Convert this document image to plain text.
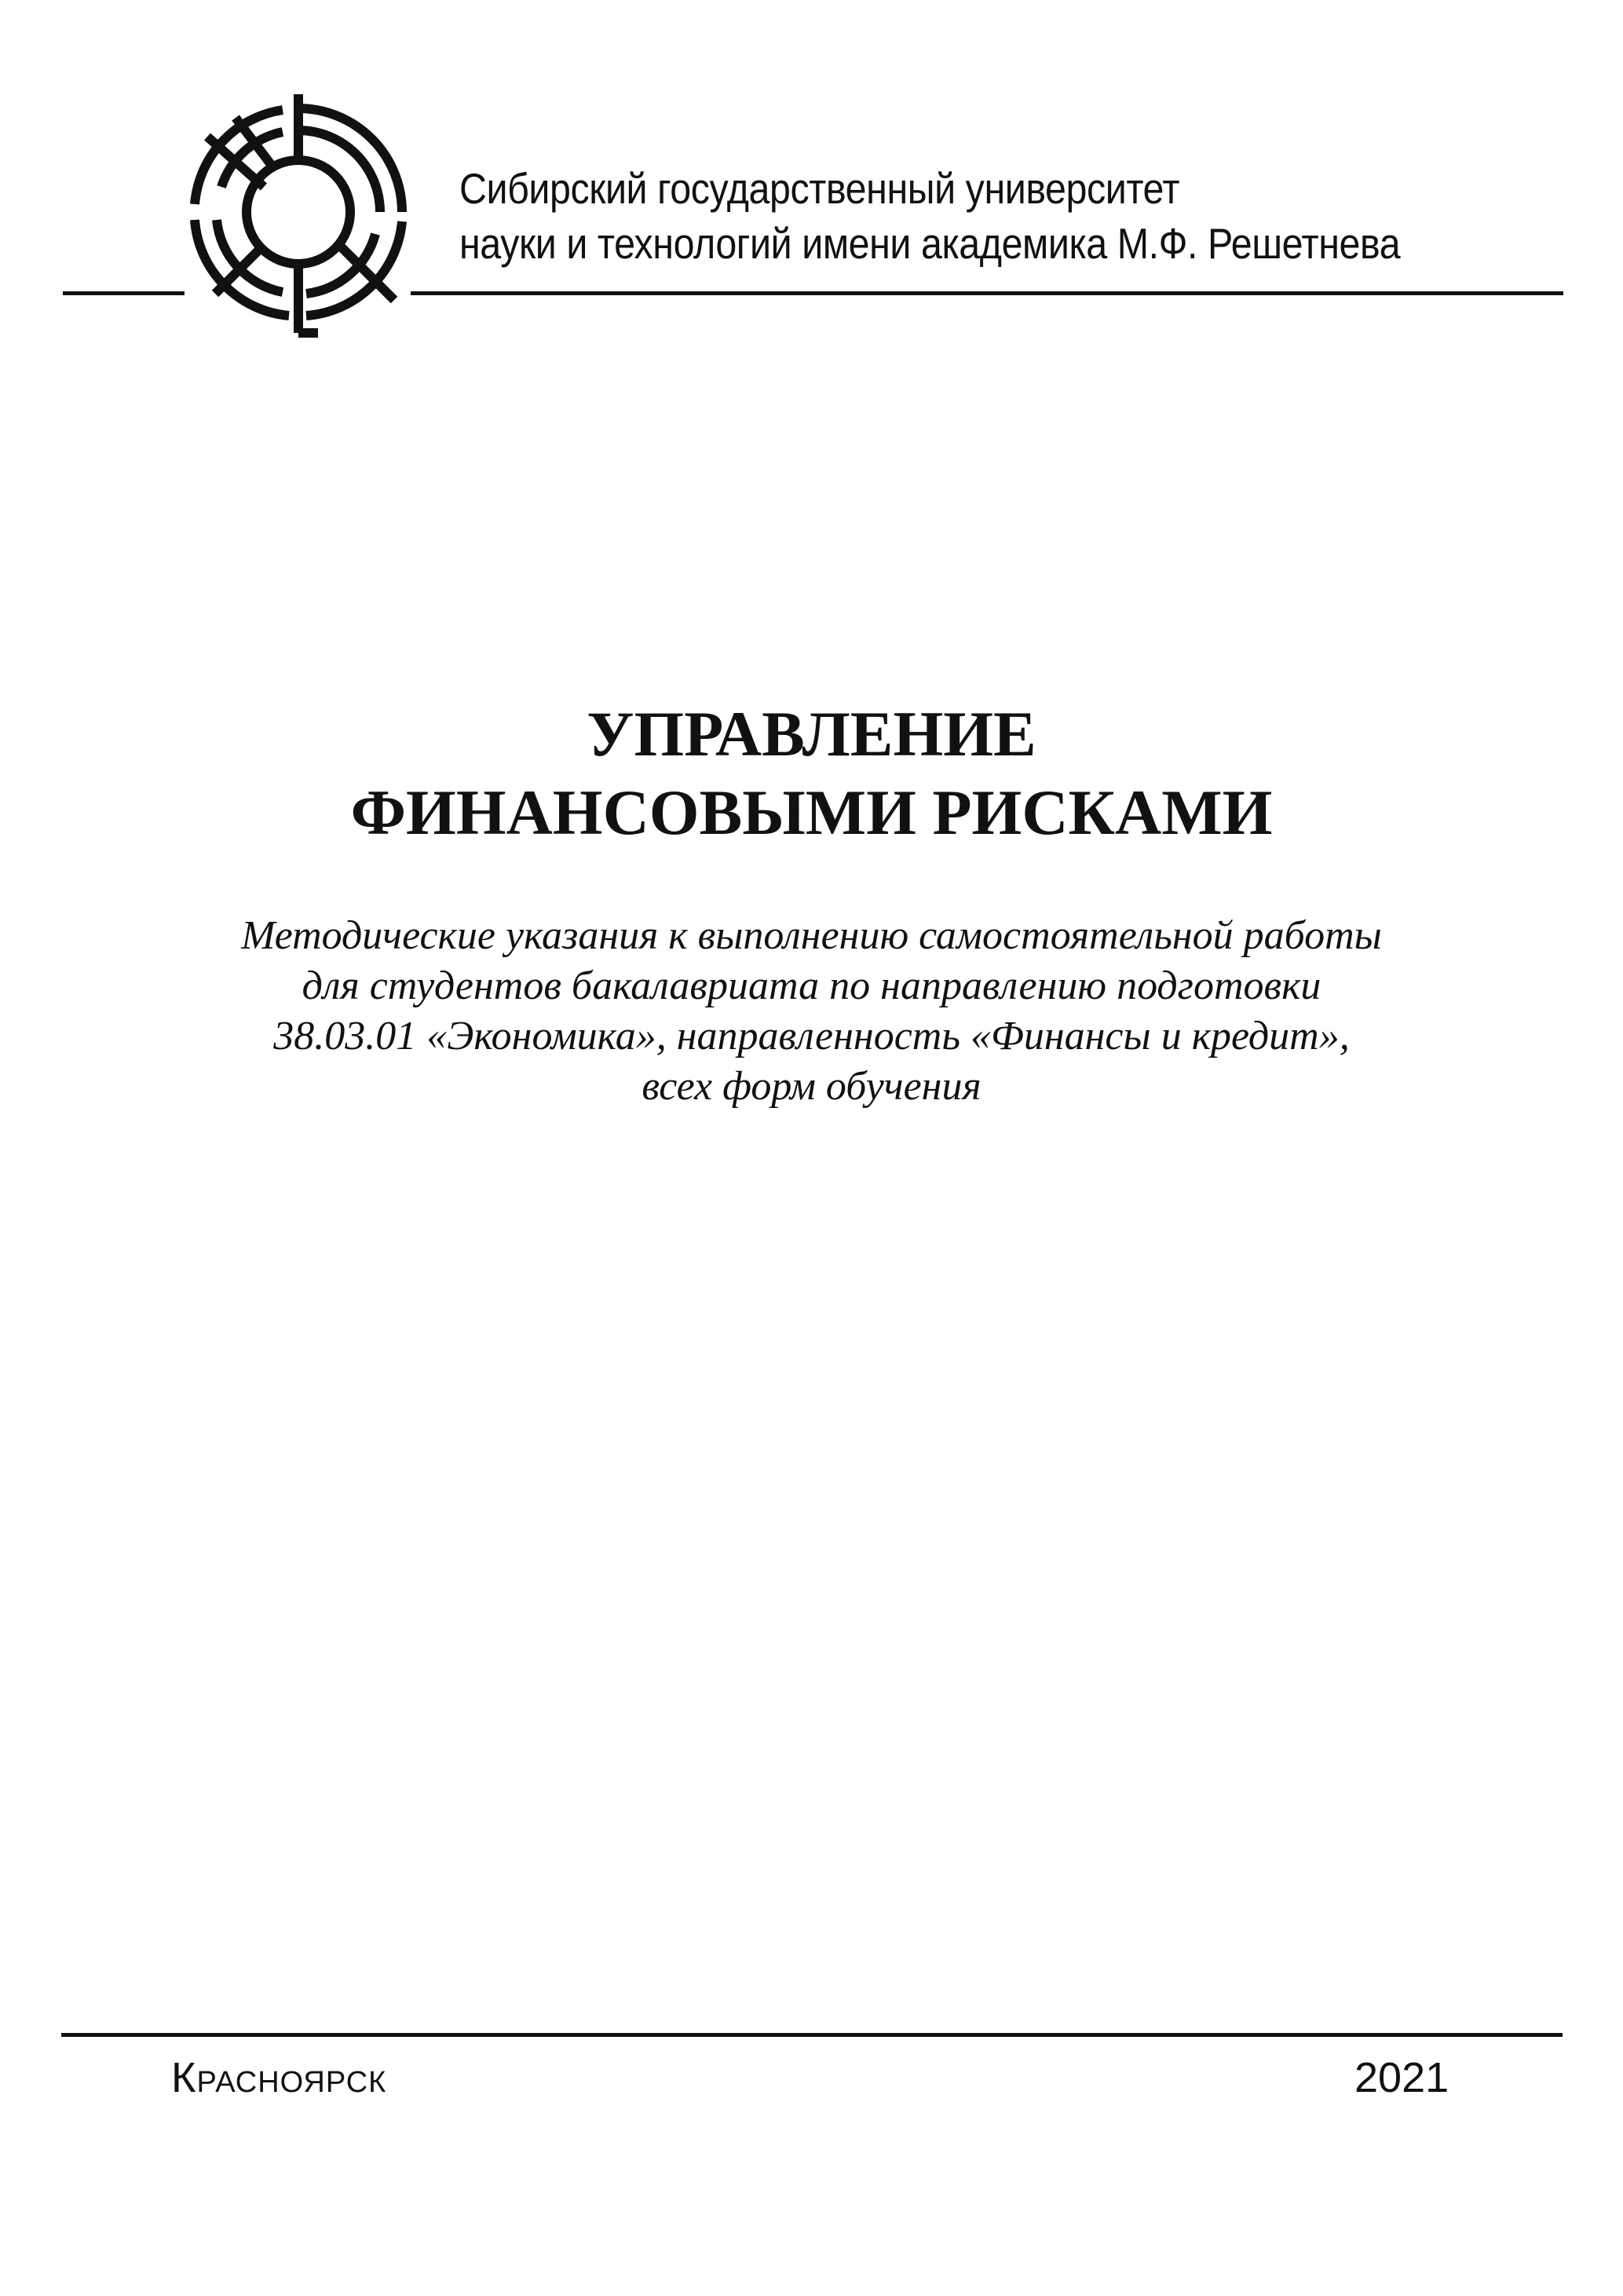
Сибирский государственный университет
науки и технологий имени академика М.Ф. Решетнева
УПРАВЛЕНИЕ
ФИНАНСОВЫМИ РИСКАМИ
Методические указания к выполнению самостоятельной работы
для студентов бакалавриата по направлению подготовки
38.03.01 «Экономика», направленность «Финансы и кредит»,
всех форм обучения
Красноярск	2021
